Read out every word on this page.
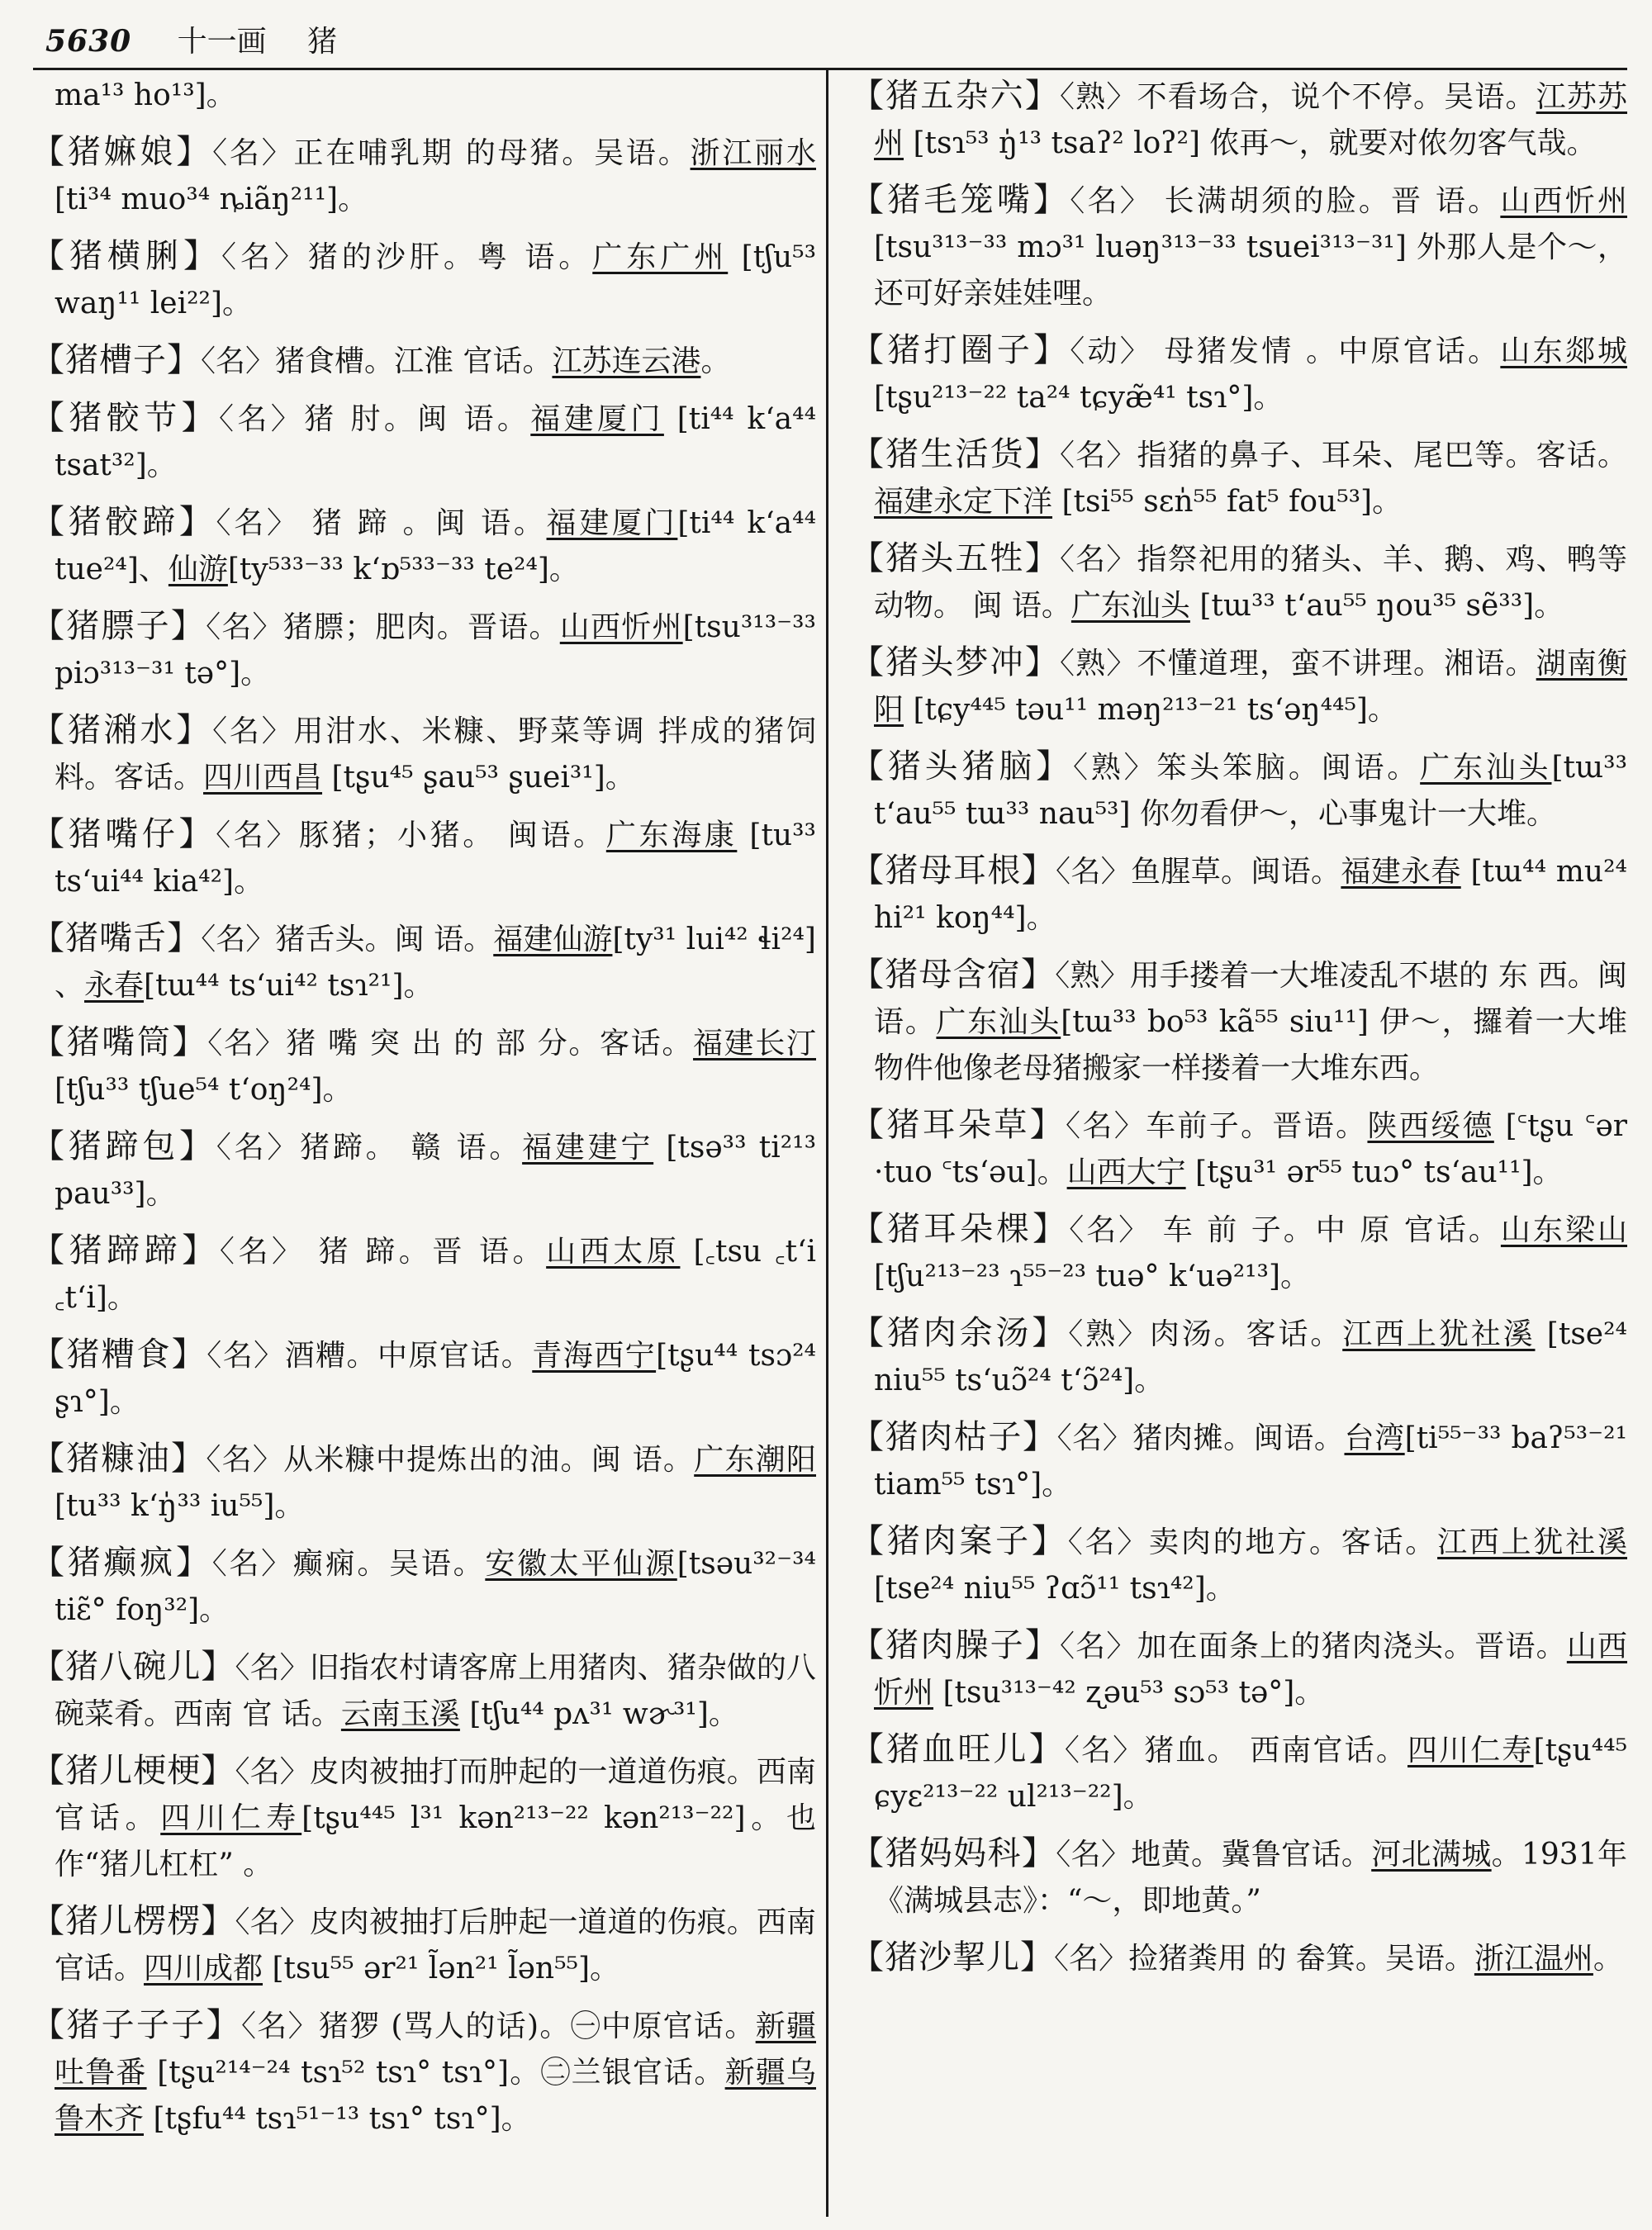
5630 十一画 猪
ma¹³ ho¹³]。
【猪嫲娘】〈名〉正在哺乳期 的母猪。吴语。浙江丽水[ti³⁴ muo³⁴ ȵiãŋ²¹¹]。
【猪横脷】〈名〉猪的沙肝。粤 语。广东广州 [tʃu⁵³ waŋ¹¹ lei²²]。
【猪槽子】〈名〉猪食槽。江淮 官话。江苏连云港。
【猪骹节】〈名〉猪 肘。闽 语。福建厦门 [ti⁴⁴ k‘a⁴⁴ tsat³²]。
【猪骹蹄】〈名〉 猪 蹄 。闽 语。福建厦门[ti⁴⁴ k‘a⁴⁴ tue²⁴]、仙游[ty⁵³³⁻³³ k‘ɒ⁵³³⁻³³ te²⁴]。
【猪膘子】〈名〉猪膘；肥肉。晋语。山西忻州[tsu³¹³⁻³³ piɔ³¹³⁻³¹ tə°]。
【猪潲水】〈名〉用泔水、米糠、野菜等调 拌成的猪饲料。客话。四川西昌 [tʂu⁴⁵ ʂau⁵³ ʂuei³¹]。
【猪嘴仔】〈名〉豚猪；小猪。 闽语。广东海康 [tu³³ ts‘ui⁴⁴ kia⁴²]。
【猪嘴舌】〈名〉猪舌头。闽 语。福建仙游[ty³¹ lui⁴² ɬi²⁴] 、永春[tɯ⁴⁴ ts‘ui⁴² tsɿ²¹]。
【猪嘴筒】〈名〉猪 嘴 突 出 的 部 分。客话。福建长汀 [tʃu³³ tʃue⁵⁴ t‘oŋ²⁴]。
【猪蹄包】〈名〉猪蹄。 赣 语。福建建宁 [tsə³³ ti²¹³ pau³³]。
【猪蹄蹄】〈名〉 猪 蹄。晋 语。山西太原 [꜀tsu ꜀t‘i ꜀t‘i]。
【猪糟食】〈名〉酒糟。中原官话。青海西宁[tʂu⁴⁴ tsɔ²⁴ ʂɿ°]。
【猪糠油】〈名〉从米糠中提炼出的油。闽 语。广东潮阳[tu³³ k‘ŋ̍³³ iu⁵⁵]。
【猪癫疯】〈名〉癫痫。吴语。安徽太平仙源[tsəu³²⁻³⁴ tiɛ̃° foŋ³²]。
【猪八碗儿】〈名〉旧指农村请客席上用猪肉、猪杂做的八碗菜肴。西南 官 话。云南玉溪 [tʃu⁴⁴ pʌ³¹ wɚ³¹]。
【猪儿梗梗】〈名〉皮肉被抽打而肿起的一道道伤痕。西南官话。四川仁寿[tʂu⁴⁴⁵ l³¹ kən²¹³⁻²² kən²¹³⁻²²]。也作“猪儿杠杠” 。
【猪儿楞楞】〈名〉皮肉被抽打后肿起一道道的伤痕。西南官话。四川成都 [tsu⁵⁵ ər²¹ l̃ən²¹ l̃ən⁵⁵]。
【猪子子子】〈名〉猪猡 (骂人的话)。㊀中原官话。新疆吐鲁番 [tʂu²¹⁴⁻²⁴ tsɿ⁵² tsɿ° tsɿ°]。㊁兰银官话。新疆乌鲁木齐 [tʂfu⁴⁴ tsɿ⁵¹⁻¹³ tsɿ° tsɿ°]。
【猪五杂六】〈熟〉不看场合，说个不停。吴语。江苏苏州 [tsɿ⁵³ ŋ̍¹³ tsaʔ² loʔ²] 侬再～，就要对侬勿客气哉。
【猪毛笼嘴】〈名〉 长满胡须的脸。晋 语。山西忻州 [tsu³¹³⁻³³ mɔ³¹ luəŋ³¹³⁻³³ tsuei³¹³⁻³¹] 外那人是个～，还可好亲娃娃哩。
【猪打圈子】〈动〉 母猪发情 。中原官话。山东郯城 [tʂu²¹³⁻²² ta²⁴ tɕyæ̃⁴¹ tsɿ°]。
【猪生活货】〈名〉指猪的鼻子、耳朵、尾巴等。客话。福建永定下洋 [tsi⁵⁵ sɛn̍⁵⁵ fat⁵ fou⁵³]。
【猪头五牲】〈名〉指祭祀用的猪头、羊、鹅、鸡、鸭等动物。 闽 语。广东汕头 [tɯ³³ t‘au⁵⁵ ŋou³⁵ sẽ³³]。
【猪头梦冲】〈熟〉不懂道理，蛮不讲理。湘语。湖南衡阳 [tɕy⁴⁴⁵ təu¹¹ məŋ²¹³⁻²¹ ts‘əŋ⁴⁴⁵]。
【猪头猪脑】〈熟〉笨头笨脑。闽语。广东汕头[tɯ³³ t‘au⁵⁵ tɯ³³ nau⁵³] 你勿看伊～，心事鬼计一大堆。
【猪母耳根】〈名〉鱼腥草。闽语。福建永春 [tɯ⁴⁴ mu²⁴ hi²¹ koŋ⁴⁴]。
【猪母含宿】〈熟〉用手搂着一大堆凌乱不堪的 东 西。闽语。广东汕头[tɯ³³ bo⁵³ kã⁵⁵ siu¹¹] 伊～，攞着一大堆物件他像老母猪搬家一样搂着一大堆东西。
【猪耳朵草】〈名〉车前子。晋语。陕西绥德 [꜂tʂu ꜂ər ·tuo ꜂ts‘əu]。山西大宁 [tʂu³¹ ər⁵⁵ tuɔ° ts‘au¹¹]。
【猪耳朵棵】〈名〉 车 前 子。中 原 官话。山东梁山 [tʃu²¹³⁻²³ ɿ⁵⁵⁻²³ tuə° k‘uə²¹³]。
【猪肉余汤】〈熟〉肉汤。客话。江西上犹社溪 [tse²⁴ niu⁵⁵ ts‘uɔ̃²⁴ t‘ɔ̃²⁴]。
【猪肉枯子】〈名〉猪肉摊。闽语。台湾[ti⁵⁵⁻³³ baʔ⁵³⁻²¹ tiam⁵⁵ tsɿ°]。
【猪肉案子】〈名〉卖肉的地方。客话。江西上犹社溪 [tse²⁴ niu⁵⁵ ʔɑɔ̃¹¹ tsɿ⁴²]。
【猪肉臊子】〈名〉加在面条上的猪肉浇头。晋语。山西忻州 [tsu³¹³⁻⁴² ʐəu⁵³ sɔ⁵³ tə°]。
【猪血旺儿】〈名〉猪血。 西南官话。四川仁寿[tʂu⁴⁴⁵ ɕyɛ²¹³⁻²² ul²¹³⁻²²]。
【猪妈妈科】〈名〉地黄。冀鲁官话。河北满城。1931年《满城县志》：“～，即地黄。”
【猪沙挈儿】〈名〉捡猪粪用 的 畚箕。吴语。浙江温州。
